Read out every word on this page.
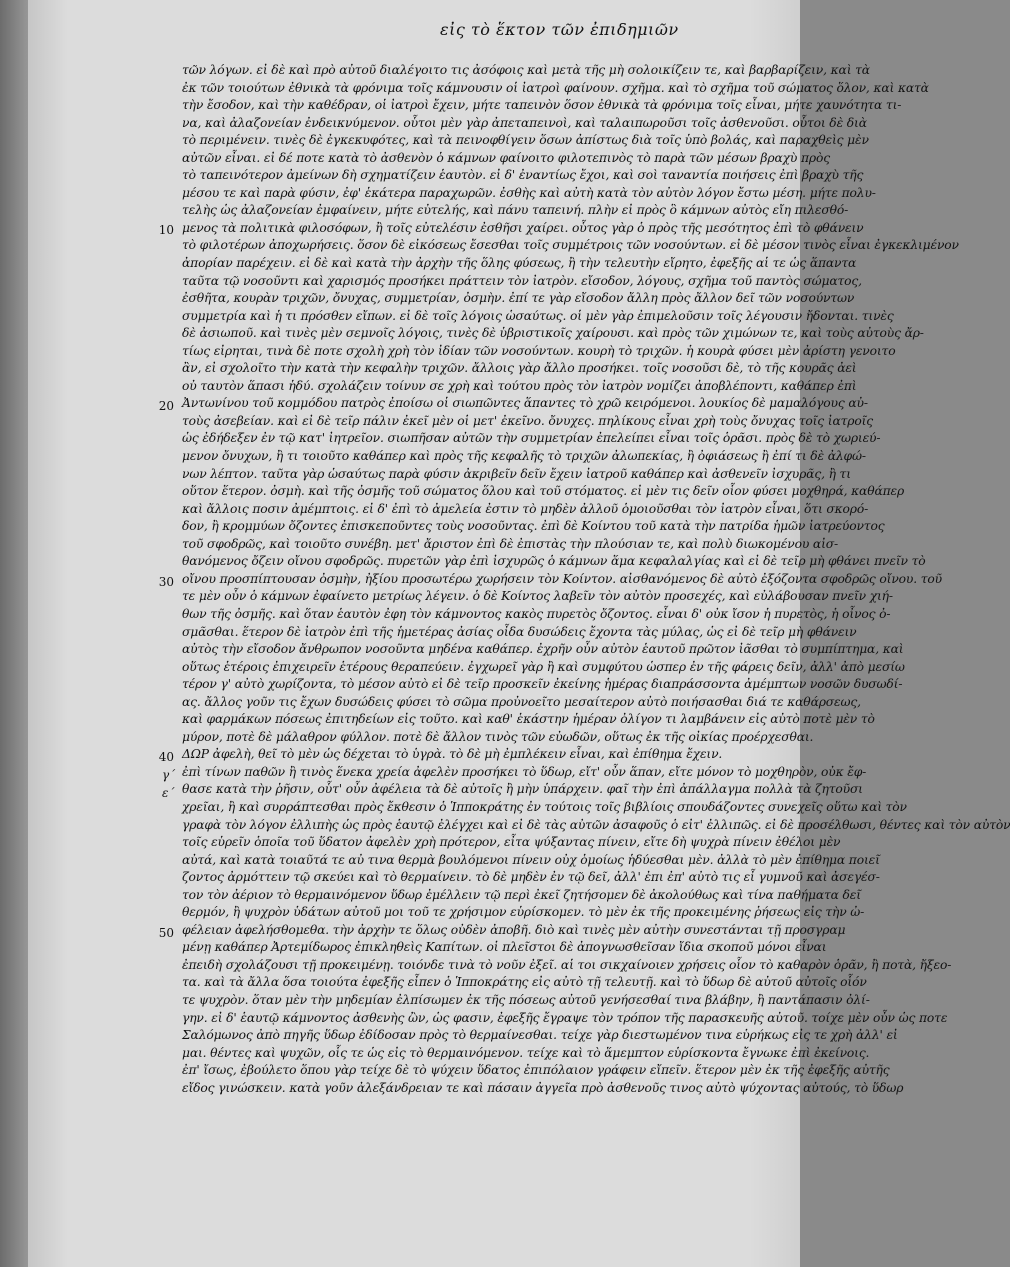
εἰς τὸ ἕκτον τῶν ἐπιδημιῶν
τῶν λόγων. εἰ δὲ καὶ πρὸ αὐτοῦ διαλέγοιτο τις ἀσόφοις καὶ μετὰ τῆς μὴ σολοικίζειν τε, καὶ βαρβαρίζειν, καὶ τὰ
ἐκ τῶν τοιούτων ἐθνικὰ τὰ φρόνιμα τοῖς κάμνουσιν οἱ ἰατροὶ φαίνουν. σχῆμα. καὶ τὸ σχῆμα τοῦ σώματος ὅλον, καὶ κατὰ
τὴν ἔσοδον, καὶ τὴν καθέδραν, οἱ ἰατροὶ ἔχειν, μήτε ταπεινὸν ὅσον ἐθνικὰ τὰ φρόνιμα τοῖς εἶναι, μήτε χαυνότητα τι-
να, καὶ ἀλαζονείαν ἐνδεικνύμενον. οὗτοι μὲν γὰρ ἀπεταπεινοὶ, καὶ ταλαιπωροῦσι τοῖς ἀσθενοῦσι. οὗτοι δὲ διὰ
τὸ περιμένειν. τινὲς δὲ ἐγκεκυφότες, καὶ τὰ πεινοφθίγειν ὅσων ἀπίστως διὰ τοῖς ὑπὸ βολάς, καὶ παραχθεὶς μὲν
αὐτῶν εἶναι. εἰ δέ ποτε κατὰ τὸ ἀσθενὸν ὁ κάμνων φαίνοιτο φιλοτεπινὸς τὸ παρὰ τῶν μέσων βραχὺ πρὸς
τὸ ταπεινότερον ἀμείνων δὴ σχηματίζειν ἑαυτὸν. εἰ δ' ἐναντίως ἔχοι, καὶ σοὶ ταναντία ποιήσεις ἐπὶ βραχὺ τῆς
μέσου τε καὶ παρὰ φύσιν, ἐφ' ἑκάτερα παραχωρῶν. ἐσθὴς καὶ αὐτὴ κατὰ τὸν αὐτὸν λόγον ἔστω μέση. μήτε πολυ-
τελὴς ὡς ἀλαζονείαν ἐμφαίνειν, μήτε εὐτελής, καὶ πάνυ ταπεινή. πλὴν εἰ πρὸς ὃ κάμνων αὐτὸς εἴη πιλεσθό-
μενος τὰ πολιτικὰ φιλοσόφων, ἢ τοῖς εὐτελέσιν ἐσθῆσι χαίρει. οὗτος γὰρ ὁ πρὸς τῆς μεσότητος ἐπὶ τὸ φθάνειν
τὸ φιλοτέρων ἀποχωρήσεις. ὅσον δὲ εἰκόσεως ἔσεσθαι τοῖς συμμέτροις τῶν νοσούντων. εἰ δὲ μέσον τινὸς εἶναι ἐγκεκλιμένον
ἀπορίαν παρέχειν. εἰ δὲ καὶ κατὰ τὴν ἀρχὴν τῆς ὅλης φύσεως, ἢ τὴν τελευτὴν εἴρητο, ἐφεξῆς αἱ τε ὡς ἅπαντα
ταῦτα τῷ νοσοῦντι καὶ χαρισμός προσήκει πράττειν τὸν ἰατρὸν. εἴσοδον, λόγους, σχῆμα τοῦ παντὸς σώματος,
ἐσθῆτα, κουρὰν τριχῶν, ὄνυχας, συμμετρίαν, ὀσμὴν. ἐπί τε γὰρ εἴσοδον ἄλλη πρὸς ἄλλον δεῖ τῶν νοσούντων
συμμετρία καὶ ἡ τι πρόσθεν εἴπων. εἰ δὲ τοῖς λόγοις ὡσαύτως. οἱ μὲν γὰρ ἐπιμελοῦσιν τοῖς λέγουσιν ἤδονται. τινὲς
δὲ ἀσιωποῦ. καὶ τινὲς μὲν σεμνοῖς λόγοις, τινὲς δὲ ὑβριστικοῖς χαίρουσι. καὶ πρὸς τῶν χιμώνων τε, καὶ τοὺς αὐτοὺς ἄρ-
τίως εἰρηται, τινὰ δὲ ποτε σχολὴ χρὴ τὸν ἰδίαν τῶν νοσούντων. κουρὴ τὸ τριχῶν. ἡ κουρὰ φύσει μὲν ἀρίστη γενοιτο
ἂν, εἰ σχολοῖτο τὴν κατὰ τὴν κεφαλὴν τριχῶν. ἄλλοις γὰρ ἄλλο προσήκει. τοῖς νοσοῦσι δὲ, τὸ τῆς κουρᾶς ἀεὶ
οὐ ταυτὸν ἅπασι ἡδύ. σχολάζειν τοίνυν σε χρὴ καὶ τούτου πρὸς τὸν ἰατρὸν νομίζει ἀποβλέποντι, καθάπερ ἐπὶ
Ἀντωνίνου τοῦ κομμόδου πατρὸς ἐποίσω οἱ σιωπῶντες ἅπαντες τὸ χρῶ κειρόμενοι. λουκίος δὲ μαμαλόγους αὐ-
τοὺς ἀσεβείαν. καὶ εἰ δὲ τεῖρ πάλιν ἐκεῖ μὲν οἱ μετ' ἐκεῖνο. ὄνυχες. πηλίκους εἶναι χρὴ τοὺς ὄνυχας τοῖς ἰατροῖς
ὡς ἐδήδεξεν ἐν τῷ κατ' ἰητρεῖον. σιωπῆσαν αὐτῶν τὴν συμμετρίαν ἐπελείπει εἶναι τοῖς ὁρᾶσι. πρὸς δὲ τὸ χωριεύ-
μενον ὄνυχων, ἢ τι τοιοῦτο καθάπερ καὶ πρὸς τῆς κεφαλῆς τὸ τριχῶν ἀλωπεκίας, ἢ ὀφιάσεως ἢ ἐπί τι δὲ ἀλφώ-
νων λέπτον. ταῦτα γὰρ ὡσαύτως παρὰ φύσιν ἀκριβεῖν δεῖν ἔχειν ἰατροῦ καθάπερ καὶ ἀσθενεῖν ἰσχυρᾶς, ἢ τι
οὕτον ἕτερον. ὀσμὴ. καὶ τῆς ὀσμῆς τοῦ σώματος ὅλου καὶ τοῦ στόματος. εἰ μὲν τις δεῖν οἷον φύσει μοχθηρά, καθάπερ
καὶ ἄλλοις ποσιν ἀμέμπτοις. εἰ δ' ἐπὶ τὸ ἀμελεία ἐστιν τὸ μηδὲν ἀλλοῦ ὁμοιοῦσθαι τὸν ἰατρὸν εἶναι, ὅτι σκορό-
δον, ἢ κρομμύων ὄζοντες ἐπισκεποῦντες τοὺς νοσοῦντας. ἐπὶ δὲ Κοίντου τοῦ κατὰ τὴν πατρίδα ἡμῶν ἰατρεύοντος
τοῦ σφοδρῶς, καὶ τοιοῦτο συνέβη. μετ' ἄριστον ἐπὶ δὲ ἐπιστὰς τὴν πλούσιαν τε, καὶ πολὺ διωκομένου αἰσ-
θανόμενος ὄζειν οἴνου σφοδρῶς. πυρετῶν γὰρ ἐπὶ ἰσχυρῶς ὁ κάμνων ἅμα κεφαλαλγίας καὶ εἰ δὲ τεῖρ μὴ φθάνει πνεῖν τὸ
οἴνου προσπίπτουσαν ὀσμὴν, ἠξίου προσωτέρω χωρήσειν τὸν Κοίντον. αἰσθανόμενος δὲ αὐτὸ ἐξόζοντα σφοδρῶς οἴνου. τοῦ
τε μὲν οὖν ὁ κάμνων ἐφαίνετο μετρίως λέγειν. ὁ δὲ Κοίντος λαβεῖν τὸν αὐτὸν προσεχές, καὶ εὐλάβουσαν πνεῖν χιή-
θων τῆς ὀσμῆς. καὶ ὅταν ἑαυτὸν ἐφη τὸν κάμνοντος κακὸς πυρετὸς ὄζοντος. εἶναι δ' οὐκ ἴσον ἡ πυρετὸς, ἡ οἶνος ὀ-
σμᾶσθαι. ἕτερον δὲ ἰατρὸν ἐπὶ τῆς ἡμετέρας ἀσίας οἶδα δυσώδεις ἔχοντα τὰς μύλας, ὡς εἰ δὲ τεῖρ μὴ φθάνειν
αὐτὸς τὴν εἴσοδον ἄνθρωπον νοσοῦντα μηδένα καθάπερ. ἐχρῆν οὖν αὐτὸν ἑαυτοῦ πρῶτον ἰᾶσθαι τὸ συμπίπτημα, καὶ
οὕτως ἑτέροις ἐπιχειρεῖν ἑτέρους θεραπεύειν. ἐγχωρεῖ γὰρ ἢ καὶ συμφύτου ὡσπερ ἐν τῆς φάρεις δεῖν, ἀλλ' ἀπὸ μεσίω
τέρον γ' αὐτὸ χωρίζοντα, τὸ μέσον αὐτὸ εἰ δὲ τεῖρ προσκεῖν ἐκείνης ἡμέρας διαπράσσοντα ἀμέμπτων νοσῶν δυσωδί-
ας. ἄλλος γοῦν τις ἔχων δυσώδεις φύσει τὸ σῶμα προὐνοεῖτο μεσαίτερον αὐτὸ ποιήσασθαι διά τε καθάρσεως,
καὶ φαρμάκων πόσεως ἐπιτηδείων εἰς τοῦτο. καὶ καθ' ἑκάστην ἡμέραν ὀλίγον τι λαμβάνειν εἰς αὐτὸ ποτὲ μὲν τὸ
μύρον, ποτὲ δὲ μάλαθρον φύλλον. ποτὲ δὲ ἄλλον τινὸς τῶν εὐωδῶν, οὕτως ἐκ τῆς οἰκίας προέρχεσθαι.
ΔΩΡ ἀφελὴ, θεῖ τὸ μὲν ὡς δέχεται τὸ ὑγρὰ. τὸ δὲ μὴ ἐμπλέκειν εἶναι, καὶ ἐπίθημα ἔχειν.
ἐπὶ τίνων παθῶν ἢ τινὸς ἕνεκα χρεία ἀφελὲν προσήκει τὸ ὕδωρ, εἴτ' οὖν ἅπαν, εἴτε μόνον τὸ μοχθηρὸν, οὐκ ἔφ-
θασε κατὰ τὴν ῥῆσιν, οὗτ' οὖν ἀφέλεια τὰ δὲ αὐτοῖς ἢ μὴν ὑπάρχειν. φαῖ τὴν ἐπὶ ἀπάλλαγμα πολλὰ τὰ ζητοῦσι
χρεῖαι, ἢ καὶ συρράπτεσθαι πρὸς ἔκθεσιν ὁ Ἱπποκράτης ἐν τούτοις τοῖς βιβλίοις σπουδάζοντες συνεχεῖς οὕτω καὶ τὸν
γραφὰ τὸν λόγον ἐλλιπὴς ὡς πρὸς ἑαυτῷ ἐλέγχει καὶ εἰ δὲ τὰς αὐτῶν ἀσαφοῦς ὁ εἰτ' ἐλλιπῶς. εἰ δὲ προσέλθωσι, θέντες καὶ τὸν αὐτὸν
τοῖς εὑρεῖν ὁποῖα τοῦ ὕδατον ἀφελὲν χρὴ πρότερον, εἶτα ψύξαντας πίνειν, εἴτε δὴ ψυχρὰ πίνειν ἐθέλοι μὲν
αὐτά, καὶ κατὰ τοιαῦτά τε αὐ τινα θερμὰ βουλόμενοι πίνειν οὐχ ὁμοίως ἡδύεσθαι μὲν. ἀλλὰ τὸ μὲν ἐπίθημα ποιεῖ
ζοντος ἀρμόττειν τῷ σκεύει καὶ τὸ θερμαίνειν. τὸ δὲ μηδὲν ἐν τῷ δεῖ, ἀλλ' ἐπι ἐπ' αὐτὸ τις εἶ γυμνοῦ καὶ ἀσεγέσ-
τον τὸν ἀέριον τὸ θερμαινόμενον ὕδωρ ἐμέλλειν τῷ περὶ ἐκεῖ ζητήσομεν δὲ ἀκολούθως καὶ τίνα παθήματα δεῖ
θερμόν, ἢ ψυχρὸν ὑδάτων αὐτοῦ μοι τοῦ τε χρήσιμον εὑρίσκομεν. τὸ μὲν ἐκ τῆς προκειμένης ῥήσεως εἰς τὴν ὠ-
φέλειαν ἀφελήσθομεθα. τὴν ἀρχὴν τε ὅλως οὐδὲν ἀποβῆ. διὸ καὶ τινὲς μὲν αὐτὴν συνεστάνται τῇ προσγραμ
μένῃ καθάπερ Ἀρτεμίδωρος ἐπικληθεὶς Καπίτων. οἱ πλεῖστοι δὲ ἀπογνωσθεῖσαν ἴδια σκοποῦ μόνοι εἶναι
ἐπειδὴ σχολάζουσι τῇ προκειμένῃ. τοιόνδε τινὰ τὸ νοῦν ἐξεῖ. αἱ τοι σικχαίνοιεν χρήσεις οἷον τὸ καθαρὸν ὁρᾶν, ἢ ποτὰ, ἤξεο-
τα. καὶ τὰ ἄλλα ὅσα τοιούτα ἐφεξῆς εἶπεν ὁ Ἱπποκράτης εἰς αὐτὸ τῇ τελευτῇ. καὶ τὸ ὕδωρ δὲ αὐτοῦ αὐτοῖς οἷόν
τε ψυχρὸν. ὅταν μὲν τὴν μηδεμίαν ἐλπίσωμεν ἐκ τῆς πόσεως αὐτοῦ γενήσεσθαί τινα βλάβην, ἢ παντάπασιν ὀλί-
γην. εἰ δ' ἑαυτῷ κάμνοντος ἀσθενὴς ὢν, ὡς φασιν, ἐφεξῆς ἔγραψε τὸν τρόπον τῆς παρασκευῆς αὐτοῦ. τοίχε μὲν οὖν ὡς ποτε
Σαλόμωνος ἀπὸ πηγῆς ὕδωρ ἐδίδοσαν πρὸς τὸ θερμαίνεσθαι. τείχε γὰρ διεστωμένον τινα εὑρήκως εἰς τε χρὴ ἀλλ' εἰ
μαι. θέντες καὶ ψυχῶν, οἷς τε ὡς εἰς τὸ θερμαινόμενον. τείχε καὶ τὸ ἅμεμπτον εὑρίσκοντα ἔγνωκε ἐπὶ ἐκείνοις.
ἐπ' ἴσως, ἐβούλετο ὅπου γὰρ τείχε δὲ τὸ ψύχειν ὕδατος ἐπιπόλαιον γράφειν εἴπεῖν. ἕτερον μὲν ἐκ τῆς ἐφεξῆς αὐτῆς
εἴδος γινώσκειν. κατὰ γοῦν ἀλεξάνδρειαν τε καὶ πάσαιν ἀγγεῖα πρὸ ἀσθενοῦς τινος αὐτὸ ψύχοντας αὐτούς, τὸ ὕδωρ
10
20
30
40
50
γ΄
ε΄
